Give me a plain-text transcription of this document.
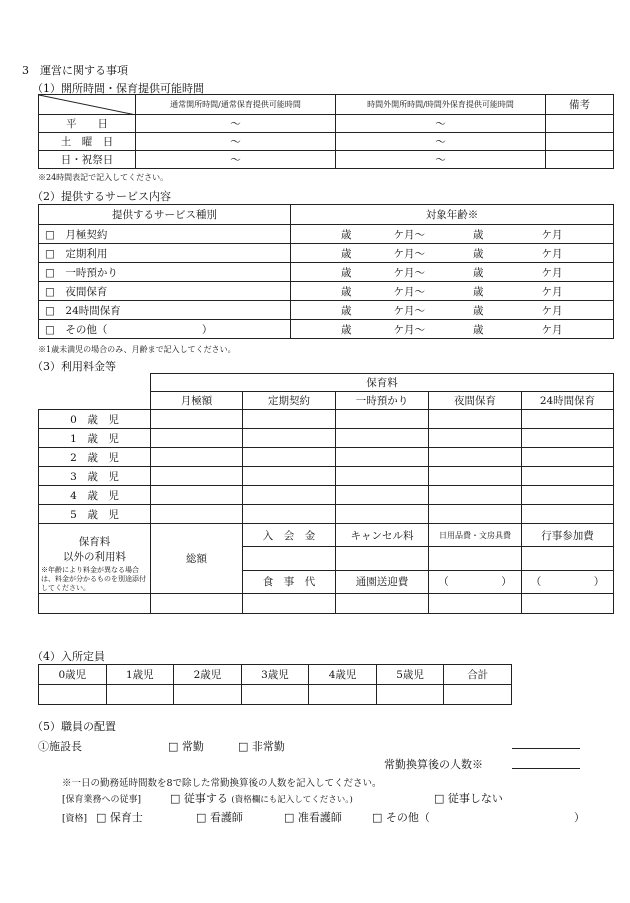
3　運営に関する事項
（1）開所時間・保育提供可能時間
	通常開所時間/通常保育提供可能時間	時間外開所時間/時間外保育提供可能時間	備考
平　　日	～	～	
土　曜　日	～	～	
日・祝祭日	～	～	
※24時間表記で記入してください。
（2）提供するサービス内容
提供するサービス種別	対象年齢※
□　 月極契約	歳 ケ月～ 歳 ケ月
□　 定期利用	歳 ケ月～ 歳 ケ月
□　 一時預かり	歳 ケ月～ 歳 ケ月
□　 夜間保育	歳 ケ月～ 歳 ケ月
□　 24時間保育	歳 ケ月～ 歳 ケ月
□　 その他（　　　　　　　　　）	歳 ケ月～ 歳 ケ月
※1歳未満児の場合のみ、月齢まで記入してください。
（3）利用料金等
	保育料				
	月極額	定期契約	一時預かり	夜間保育	24時間保育
0　歳　児					
1　歳　児					
2　歳　児					
3　歳　児					
4　歳　児					
5　歳　児					

保育料
以外の利用料
※年齢により料金が異なる場合は、料金が分かるものを別途添付してください。	総額	入　会　金	キャンセル料	日用品費・文房具費	行事参加費

		食　事　代	通園送迎費	（　　　　　）	（　　　　　）

（4）入所定員
0歳児	1歳児	2歳児	3歳児	4歳児	5歳児	合計

（5）職員の配置
①施設長	□ 常勤	□ 非常勤
常勤換算後の人数※
※一日の勤務延時間数を8で除した常勤換算後の人数を記入してください。
[保育業務への従事]	□ 従事する (資格欄にも記入してください。)	□ 従事しない
[資格] □ 保育士	□ 看護師	□ 准看護師	□ その他（	）
